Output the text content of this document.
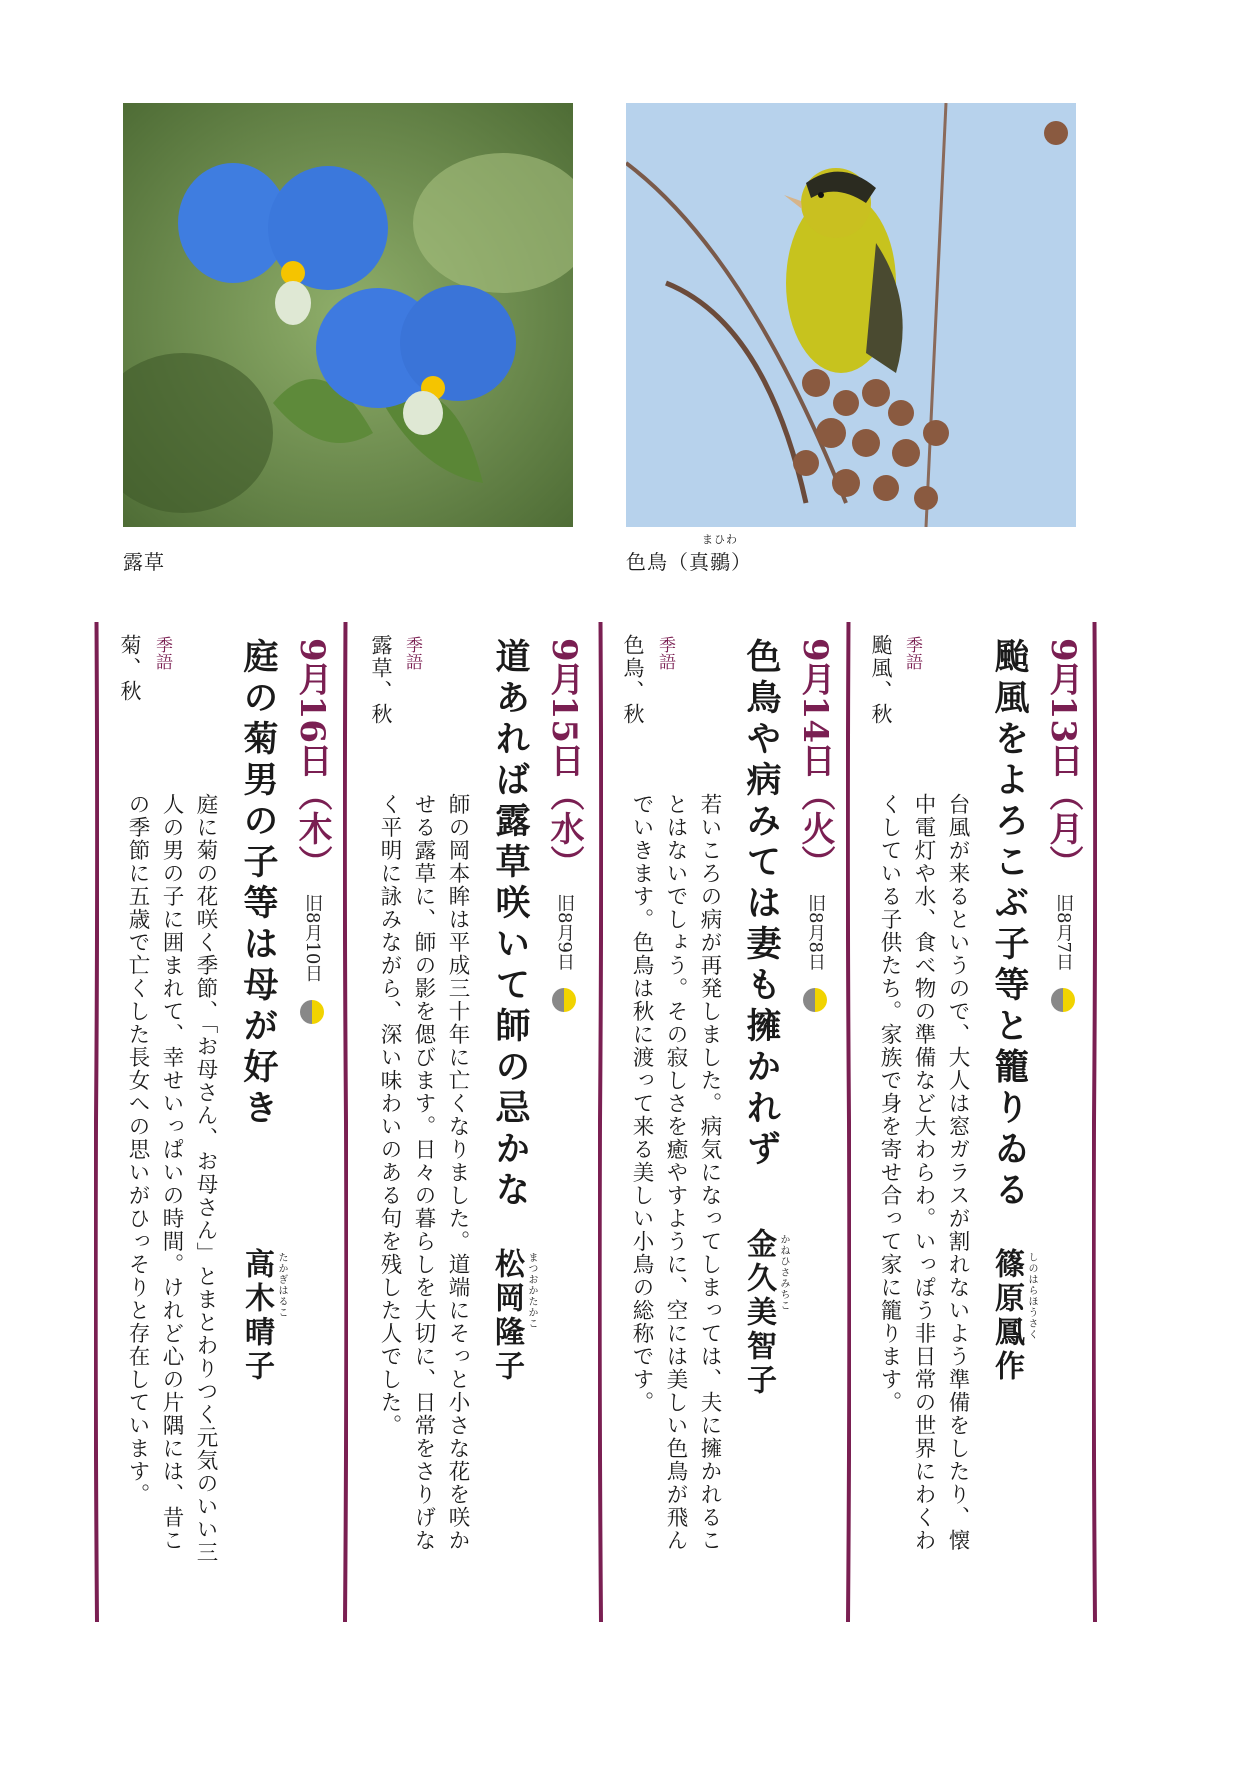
露草	色鳥（真鶸）
まひわ
9月13日（月） 旧8月7日
颱風をよろこぶ子等と籠りゐる
季語
颱風、秋
台風が来るというので、大人は窓ガラスが割れないよう準備をしたり、懐中電灯や水、食べ物の準備など大わらわ。いっぽう非日常の世界にわくわくしている子供たち。家族で身を寄せ合って家に籠ります。	篠原鳳作 しのはらほうさく
9月14日（火） 旧8月8日
色鳥や病みては妻も擁かれず
季語
色鳥、秋
若いころの病が再発しました。病気になってしまっては、夫に擁かれることはないでしょう。その寂しさを癒やすように、空には美しい色鳥が飛んでいきます。色鳥は秋に渡って来る美しい小鳥の総称です。	金久美智子 かねひさみちこ
9月15日（水） 旧8月9日
道あれば露草咲いて師の忌かな
季語
露草、秋
師の岡本眸は平成三十年に亡くなりました。道端にそっと小さな花を咲かせる露草に、師の影を偲びます。日々の暮らしを大切に、日常をさりげなく平明に詠みながら、深い味わいのある句を残した人でした。	松岡隆子 まつおかたかこ
9月16日（木） 旧8月10日
庭の菊男の子等は母が好き
季語
菊、秋
庭に菊の花咲く季節、「お母さん、お母さん」とまとわりつく元気のいい三人の男の子に囲まれて、幸せいっぱいの時間。けれど心の片隅には、昔この季節に五歳で亡くした長女への思いがひっそりと存在しています。	高木晴子 たかぎはるこ
